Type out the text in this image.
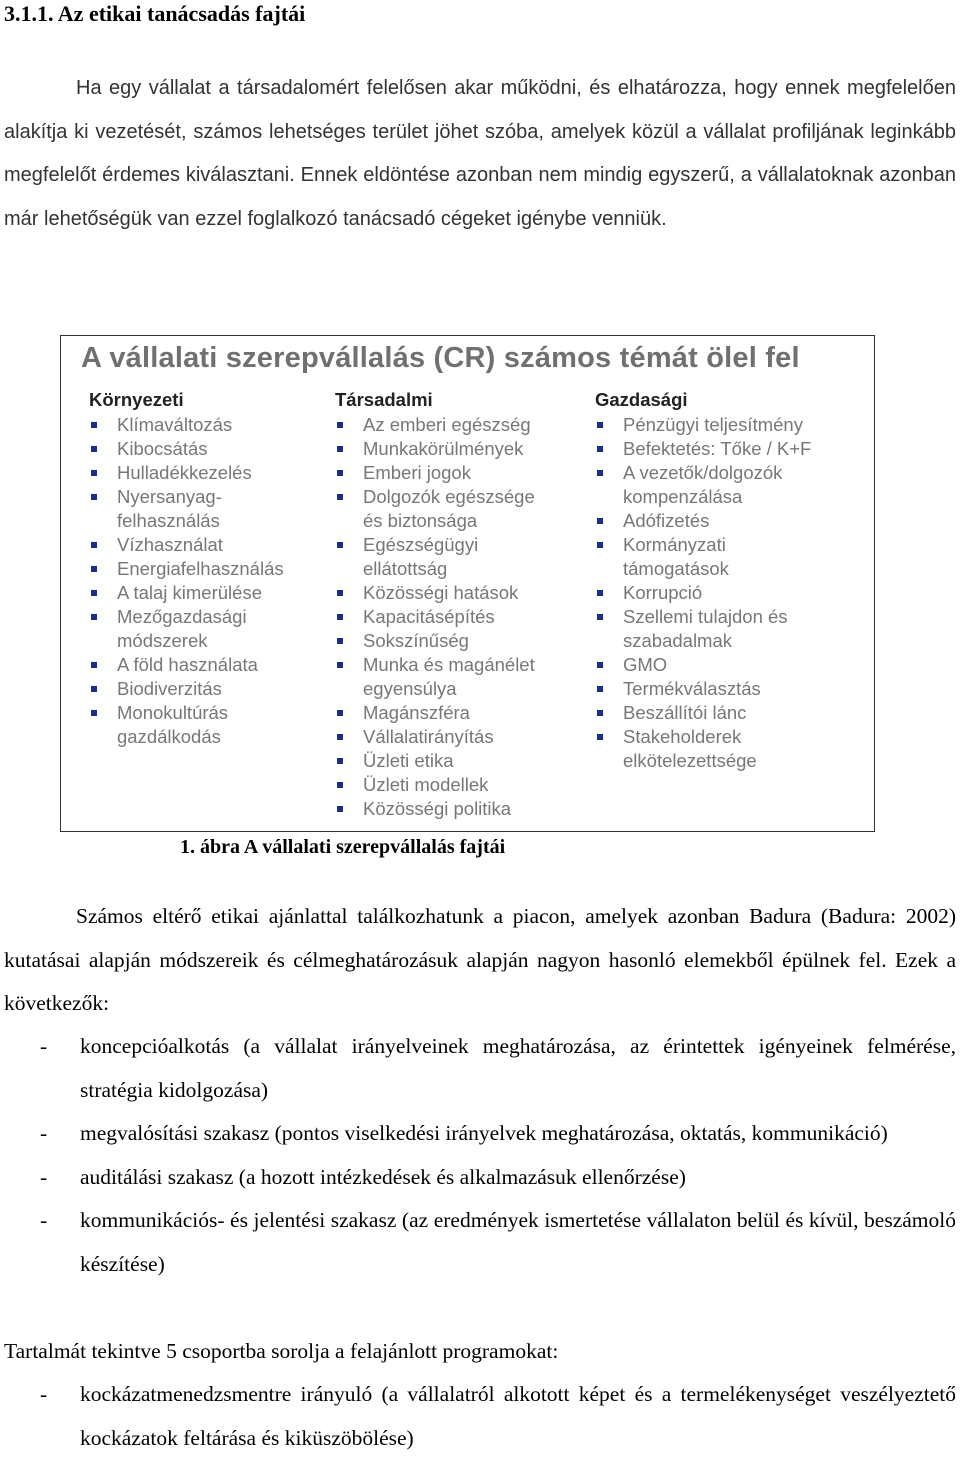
3.1.1. Az etikai tanácsadás fajtái
Ha egy vállalat a társadalomért felelősen akar működni, és elhatározza, hogy ennek megfelelően alakítja ki vezetését, számos lehetséges terület jöhet szóba, amelyek közül a vállalat profiljának leginkább megfelelőt érdemes kiválasztani. Ennek eldöntése azonban nem mindig egyszerű, a vállalatoknak azonban már lehetőségük van ezzel foglalkozó tanácsadó cégeket igénybe venniük.
A vállalati szerepvállalás (CR) számos témát ölel fel
Környezeti
Klímaváltozás
Kibocsátás
Hulladékkezelés
Nyersanyag-
felhasználás
Vízhasználat
Energiafelhasználás
A talaj kimerülése
Mezőgazdasági
módszerek
A föld használata
Biodiverzitás
Monokultúrás
gazdálkodás
Társadalmi
Az emberi egészség
Munkakörülmények
Emberi jogok
Dolgozók egészsége
és biztonsága
Egészségügyi
ellátottság
Közösségi hatások
Kapacitásépítés
Sokszínűség
Munka és magánélet
egyensúlya
Magánszféra
Vállalatirányítás
Üzleti etika
Üzleti modellek
Közösségi politika
Gazdasági
Pénzügyi teljesítmény
Befektetés: Tőke / K+F
A vezetők/dolgozók
kompenzálása
Adófizetés
Kormányzati
támogatások
Korrupció
Szellemi tulajdon és
szabadalmak
GMO
Termékválasztás
Beszállítói lánc
Stakeholderek
elkötelezettsége
1. ábra A vállalati szerepvállalás fajtái
Számos eltérő etikai ajánlattal találkozhatunk a piacon, amelyek azonban Badura (Badura: 2002) kutatásai alapján módszereik és célmeghatározásuk alapján nagyon hasonló elemekből épülnek fel. Ezek a következők:
- koncepcióalkotás (a vállalat irányelveinek meghatározása, az érintettek igényeinek felmérése, stratégia kidolgozása)
- megvalósítási szakasz (pontos viselkedési irányelvek meghatározása, oktatás, kommunikáció)
- auditálási szakasz (a hozott intézkedések és alkalmazásuk ellenőrzése)
- kommunikációs- és jelentési szakasz (az eredmények ismertetése vállalaton belül és kívül, beszámoló készítése)
Tartalmát tekintve 5 csoportba sorolja a felajánlott programokat:
- kockázatmenedzsmentre irányuló (a vállalatról alkotott képet és a termelékenységet veszélyeztető kockázatok feltárása és kiküszöbölése)
